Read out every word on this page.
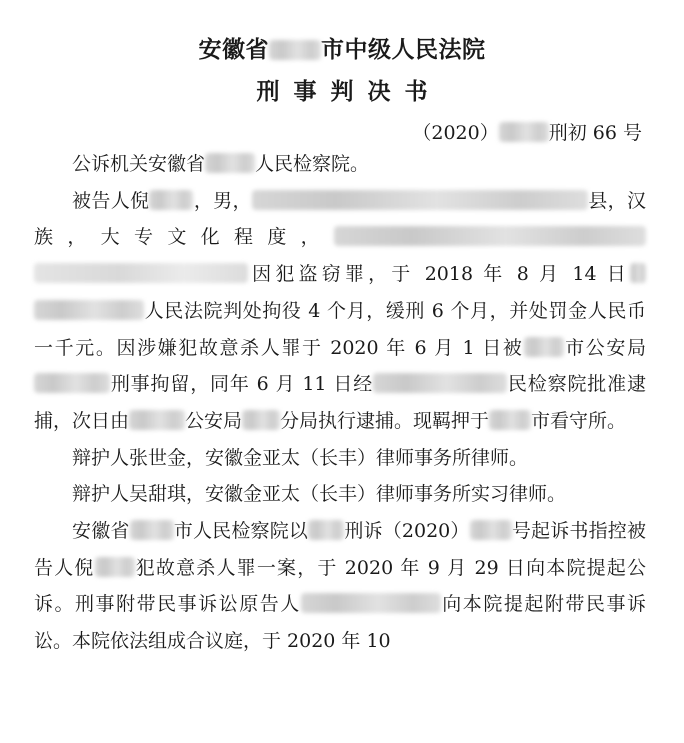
安徽省 市中级人民法院
刑事判决书
（2020）	刑初 66 号

公诉机关安徽省	人民检察院。

被告人倪 ，男，	县，汉族，大专文化程度，因犯盗窃罪，于 2018 年 8 月 14 日人民法院判处拘役 4 个月，缓刑 6 个月，并处罚金人民币一千元。因涉嫌犯故意杀人罪于 2020 年 6 月 1 日被 市公安局刑事拘留，同年 6 月 11 日经	民检察院批准逮捕，次日由	公安局 分局执行逮捕。现羁押于 市看守所。

辩护人张世金，安徽金亚太（长丰）律师事务所律师。

辩护人吴甜琪，安徽金亚太（长丰）律师事务所实习律师。

安徽省 市人民检察院以 刑诉（2020） 号起诉书指控被告人倪 犯故意杀人罪一案，于 2020 年 9 月 29 日向本院提起公诉。刑事附带民事诉讼原告人	向本院提起附带民事诉讼。本院依法组成合议庭，于 2020 年 10
